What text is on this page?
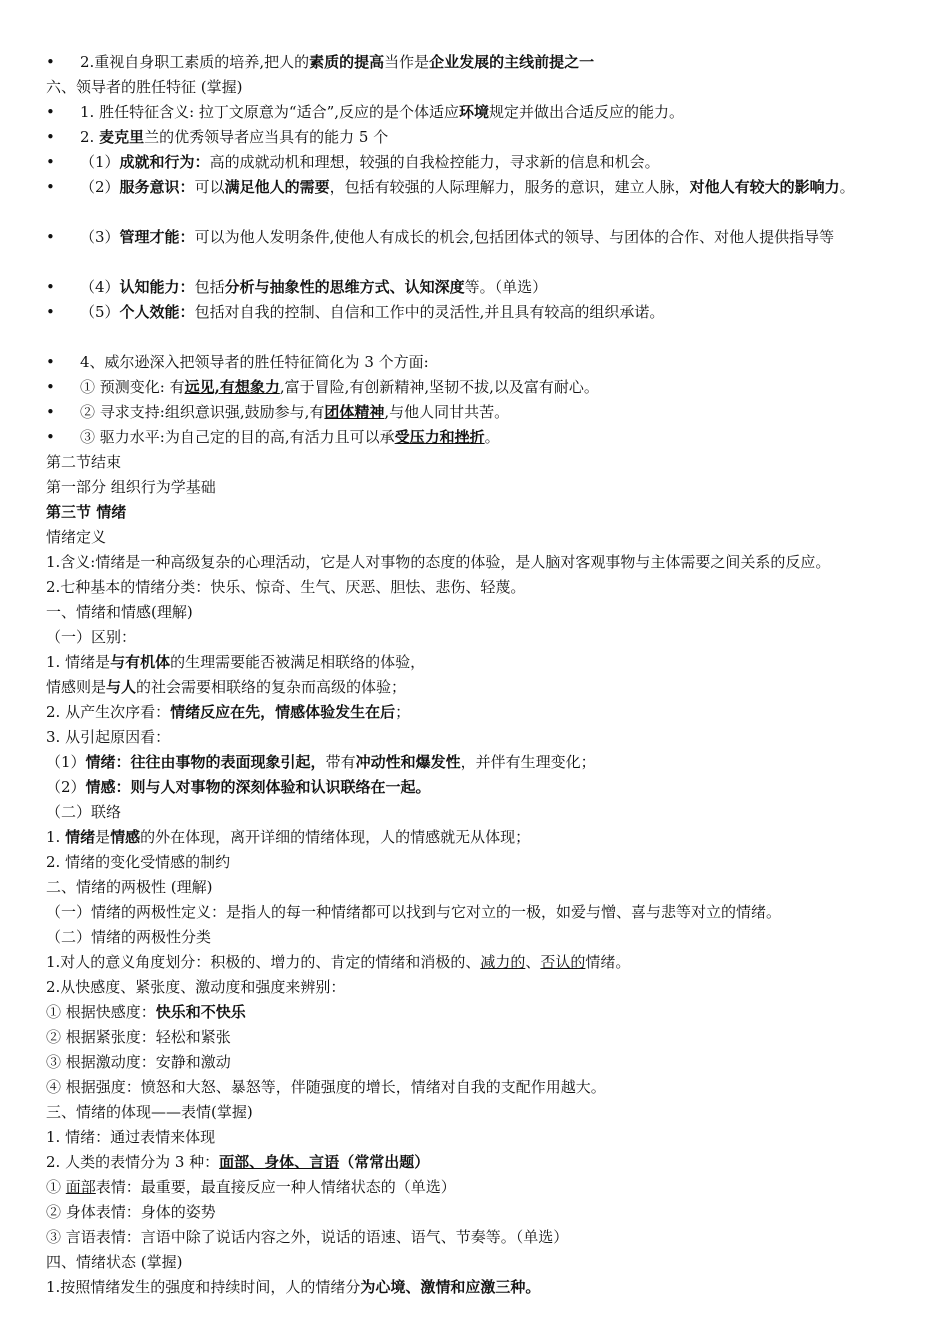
•	2.重视自身职工素质的培养,把人的素质的提高当作是企业发展的主线前提之一
六、领导者的胜任特征 (掌握)
•	1. 胜任特征含义: 拉丁文原意为“适合”,反应的是个体适应环境规定并做出合适反应的能力。
•	2. 麦克里兰的优秀领导者应当具有的能力 5 个
•	（1）成就和行为：高的成就动机和理想，较强的自我检控能力，寻求新的信息和机会。
•	（2）服务意识：可以满足他人的需要，包括有较强的人际理解力，服务的意识，建立人脉，对他人有较大的影响力。
•	（3）管理才能：可以为他人发明条件,使他人有成长的机会,包括团体式的领导、与团体的合作、对他人提供指导等
•	（4）认知能力：包括分析与抽象性的思维方式、认知深度等。（单选）
•	（5）个人效能：包括对自我的控制、自信和工作中的灵活性,并且具有较高的组织承诺。
•	4、威尔逊深入把领导者的胜任特征简化为 3 个方面:
•	① 预测变化: 有远见,有想象力,富于冒险,有创新精神,坚韧不拔,以及富有耐心。
•	② 寻求支持:组织意识强,鼓励参与,有团体精神,与他人同甘共苦。
•	③ 驱力水平:为自己定的目的高,有活力且可以承受压力和挫折。
第二节结束
第一部分 组织行为学基础
第三节 情绪
情绪定义
1.含义:情绪是一种高级复杂的心理活动，它是人对事物的态度的体验，是人脑对客观事物与主体需要之间关系的反应。
2.七种基本的情绪分类：快乐、惊奇、生气、厌恶、胆怯、悲伤、轻蔑。
一、情绪和情感(理解)
（一）区别：
1. 情绪是与有机体的生理需要能否被满足相联络的体验，
情感则是与人的社会需要相联络的复杂而高级的体验；
2. 从产生次序看：情绪反应在先，情感体验发生在后；
3. 从引起原因看：
（1）情绪：往往由事物的表面现象引起，带有冲动性和爆发性，并伴有生理变化；
（2）情感：则与人对事物的深刻体验和认识联络在一起。
（二）联络
1. 情绪是情感的外在体现，离开详细的情绪体现，人的情感就无从体现；
2. 情绪的变化受情感的制约
二、情绪的两极性 (理解)
（一）情绪的两极性定义：是指人的每一种情绪都可以找到与它对立的一极，如爱与憎、喜与悲等对立的情绪。
（二）情绪的两极性分类
1.对人的意义角度划分：积极的、增力的、肯定的情绪和消极的、减力的、否认的情绪。
2.从快感度、紧张度、激动度和强度来辨别：
① 根据快感度：快乐和不快乐
② 根据紧张度：轻松和紧张
③ 根据激动度：安静和激动
④ 根据强度：愤怒和大怒、暴怒等，伴随强度的增长，情绪对自我的支配作用越大。
三、情绪的体现——表情(掌握)
1. 情绪：通过表情来体现
2. 人类的表情分为 3 种：面部、身体、言语（常常出题）
① 面部表情：最重要，最直接反应一种人情绪状态的（单选）
② 身体表情：身体的姿势
③ 言语表情：言语中除了说话内容之外，说话的语速、语气、节奏等。（单选）
四、情绪状态 (掌握)
1.按照情绪发生的强度和持续时间，人的情绪分为心境、激情和应激三种。
